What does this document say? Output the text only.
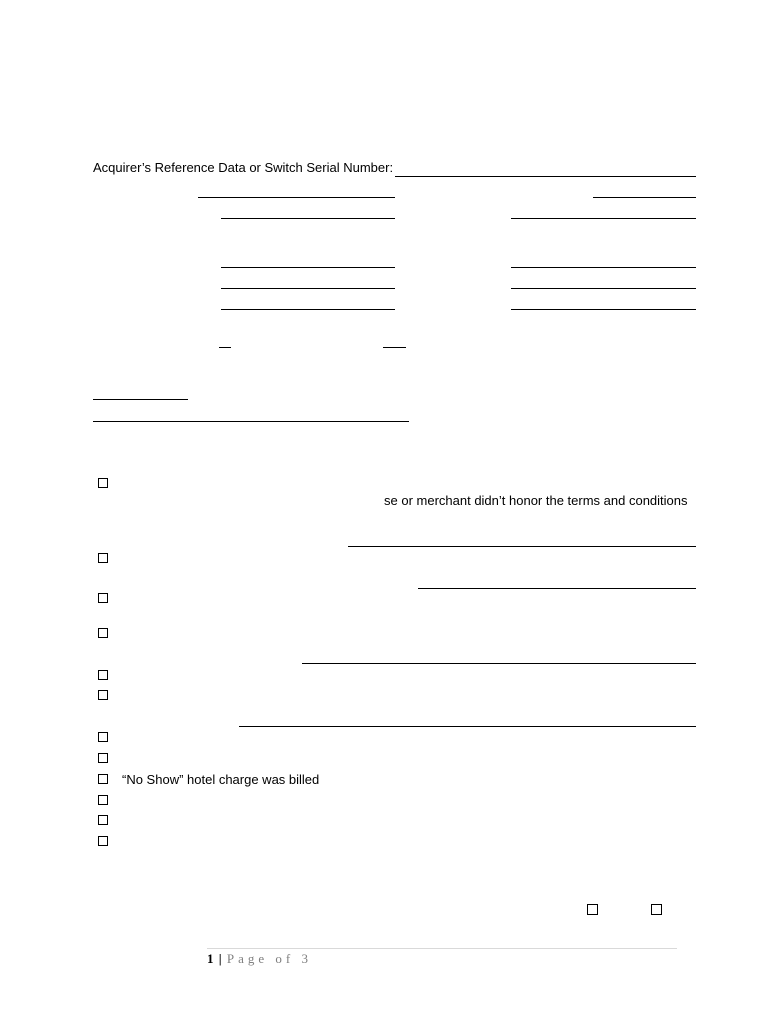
Acquirer’s Reference Data or Switch Serial Number:
se or merchant didn’t honor the terms and conditions
“No Show” hotel charge was billed
1 | Page of 3
